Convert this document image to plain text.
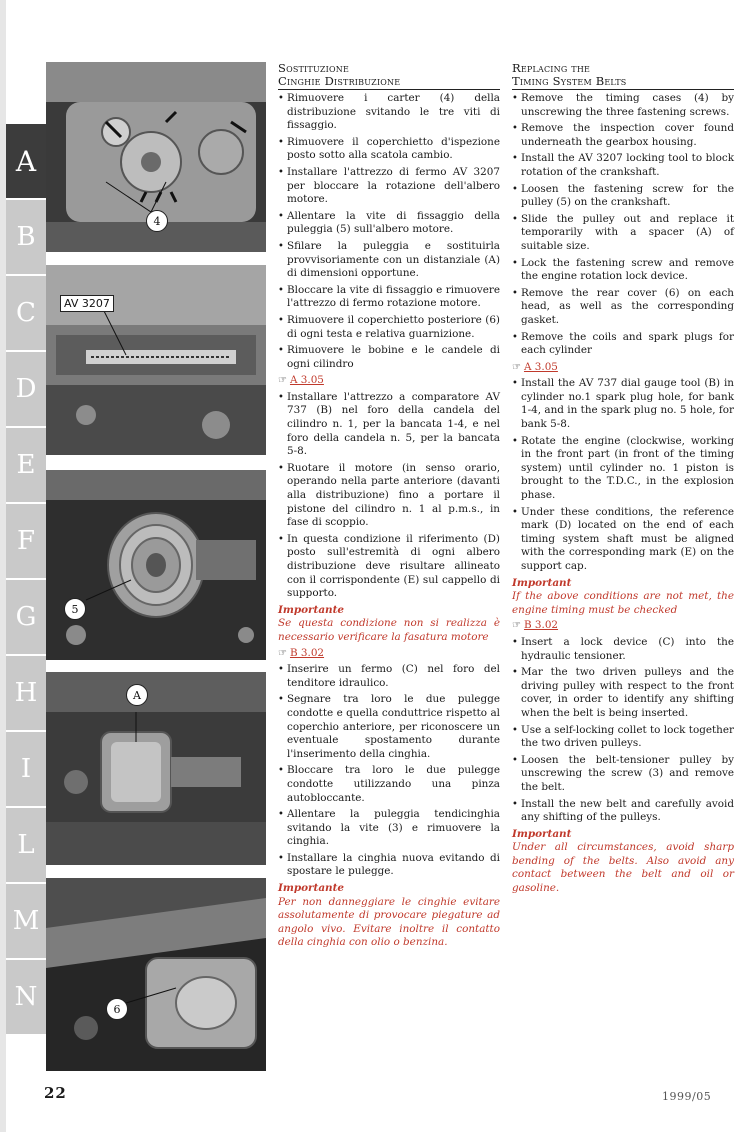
A
B
C
D
E
F
G
H
I
L
M
N
4
AV 3207
5
A
6
Sostituzione
Cinghie Distribuzione
• Rimuovere i carter (4) della distribuzione svitando le tre viti di fissaggio.
• Rimuovere il coperchietto d'ispezione posto sotto alla scatola cambio.
• Installare l'attrezzo di fermo AV 3207 per bloccare la rotazione dell'albero motore.
• Allentare la vite di fissaggio della puleggia (5) sull'albero motore.
• Sfilare la puleggia e sostituirla provvisoriamente con un distanziale (A) di dimensioni opportune.
• Bloccare la vite di fissaggio e rimuovere l'attrezzo di fermo rotazione motore.
• Rimuovere il coperchietto posteriore (6) di ogni testa e relativa guarnizione.
• Rimuovere le bobine e le candele di ogni cilindro
☞ A 3.05
• Installare l'attrezzo a comparatore AV 737 (B) nel foro della candela del cilindro n. 1, per la bancata 1-4, e nel foro della candela n. 5, per la bancata 5-8.
• Ruotare il motore (in senso orario, operando nella parte anteriore (davanti alla distribuzione) fino a portare il pistone del cilindro n. 1 al p.m.s., in fase di scoppio.
• In questa condizione il riferimento (D) posto sull'estremità di ogni albero distribuzione deve risultare allineato con il corrispondente (E) sul cappello di supporto.
Importante
Se questa condizione non si realizza è necessario verificare la fasatura motore
☞ B 3.02
• Inserire un fermo (C) nel foro del tenditore idraulico.
• Segnare tra loro le due pulegge condotte e quella conduttrice rispetto al coperchio anteriore, per riconoscere un eventuale spostamento durante l'inserimento della cinghia.
• Bloccare tra loro le due pulegge condotte utilizzando una pinza autobloccante.
• Allentare la puleggia tendicinghia svitando la vite (3) e rimuovere la cinghia.
• Installare la cinghia nuova evitando di spostare le pulegge.
Importante
Per non danneggiare le cinghie evitare assolutamente di provocare piegature ad angolo vivo. Evitare inoltre il contatto della cinghia con olio o benzina.
Replacing the
Timing System Belts
• Remove the timing cases (4) by unscrewing the three fastening screws.
• Remove the inspection cover found underneath the gearbox housing.
• Install the AV 3207 locking tool to block rotation of the crankshaft.
• Loosen the fastening screw for the pulley (5) on the crankshaft.
• Slide the pulley out and replace it temporarily with a spacer (A) of suitable size.
• Lock the fastening screw and remove the engine rotation lock device.
• Remove the rear cover (6) on each head, as well as the corresponding gasket.
• Remove the coils and spark plugs for each cylinder
☞ A 3.05
• Install the AV 737 dial gauge tool (B) in cylinder no.1 spark plug hole, for bank 1-4, and in the spark plug no. 5 hole, for bank 5-8.
• Rotate the engine (clockwise, working in the front part (in front of the timing system) until cylinder no. 1 piston is brought to the T.D.C., in the explosion phase.
• Under these conditions, the reference mark (D) located on the end of each timing system shaft must be aligned with the corresponding mark (E) on the support cap.
Important
If the above conditions are not met, the engine timing must be checked
☞ B 3.02
• Insert a lock device (C) into the hydraulic tensioner.
• Mar the two driven pulleys and the driving pulley with respect to the front cover, in order to identify any shifting when the belt is being inserted.
• Use a self-locking collet to lock together the two driven pulleys.
• Loosen the belt-tensioner pulley by unscrewing the screw (3) and remove the belt.
• Install the new belt and carefully avoid any shifting of the pulleys.
Important
Under all circumstances, avoid sharp bending of the belts. Also avoid any contact between the belt and oil or gasoline.
22	1999/05
